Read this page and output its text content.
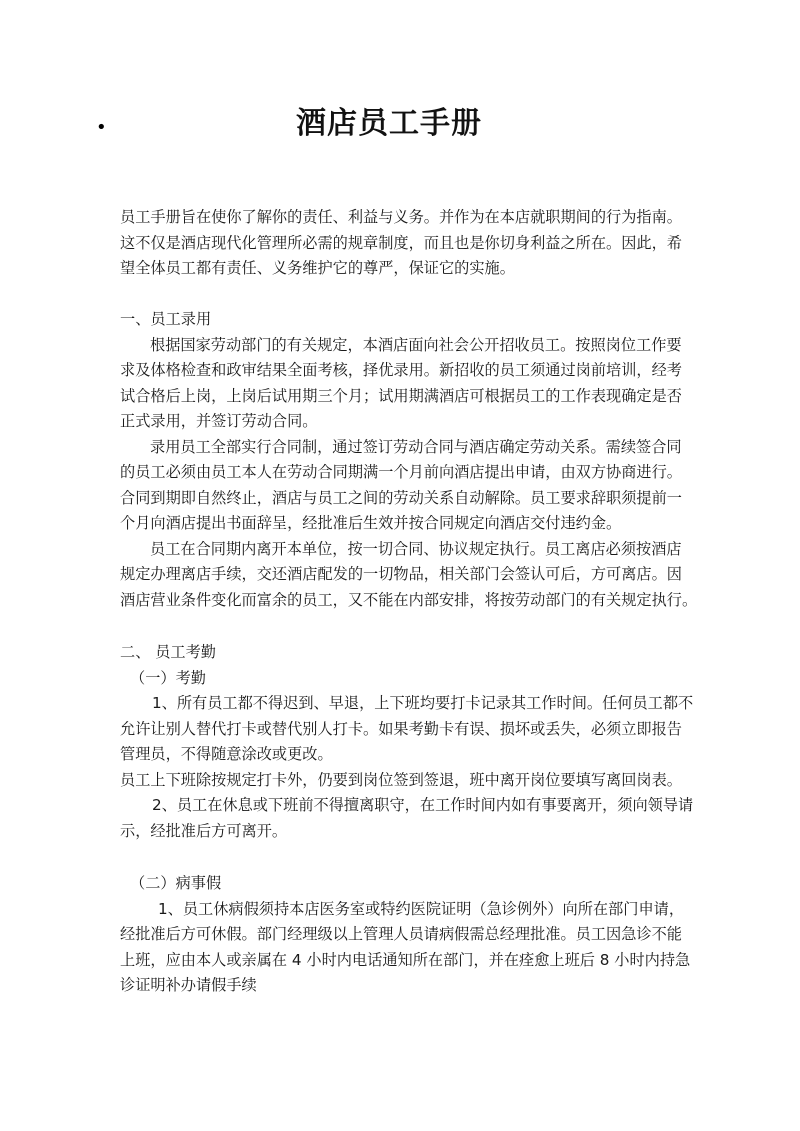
•	酒店员工手册
员工手册旨在使你了解你的责任、利益与义务。并作为在本店就职期间的行为指南。
这不仅是酒店现代化管理所必需的规章制度，而且也是你切身利益之所在。因此，希
望全体员工都有责任、义务维护它的尊严，保证它的实施。
一、员工录用
根据国家劳动部门的有关规定，本酒店面向社会公开招收员工。按照岗位工作要
求及体格检查和政审结果全面考核，择优录用。新招收的员工须通过岗前培训，经考
试合格后上岗，上岗后试用期三个月；试用期满酒店可根据员工的工作表现确定是否
正式录用，并签订劳动合同。
录用员工全部实行合同制，通过签订劳动合同与酒店确定劳动关系。需续签合同
的员工必须由员工本人在劳动合同期满一个月前向酒店提出申请，由双方协商进行。
合同到期即自然终止，酒店与员工之间的劳动关系自动解除。员工要求辞职须提前一
个月向酒店提出书面辞呈，经批准后生效并按合同规定向酒店交付违约金。
员工在合同期内离开本单位，按一切合同、协议规定执行。员工离店必须按酒店
规定办理离店手续，交还酒店配发的一切物品，相关部门会签认可后，方可离店。因
酒店营业条件变化而富余的员工，又不能在内部安排，将按劳动部门的有关规定执行。
二、 员工考勤
（一）考勤
1、所有员工都不得迟到、早退，上下班均要打卡记录其工作时间。任何员工都不
允许让别人替代打卡或替代别人打卡。如果考勤卡有误、损坏或丢失，必须立即报告
管理员，不得随意涂改或更改。
员工上下班除按规定打卡外，仍要到岗位签到签退，班中离开岗位要填写离回岗表。
2、员工在休息或下班前不得擅离职守，在工作时间内如有事要离开，须向领导请
示，经批准后方可离开。
（二）病事假
1、员工休病假须持本店医务室或特约医院证明（急诊例外）向所在部门申请，
经批准后方可休假。部门经理级以上管理人员请病假需总经理批准。员工因急诊不能
上班，应由本人或亲属在 4 小时内电话通知所在部门，并在痊愈上班后 8 小时内持急
诊证明补办请假手续
